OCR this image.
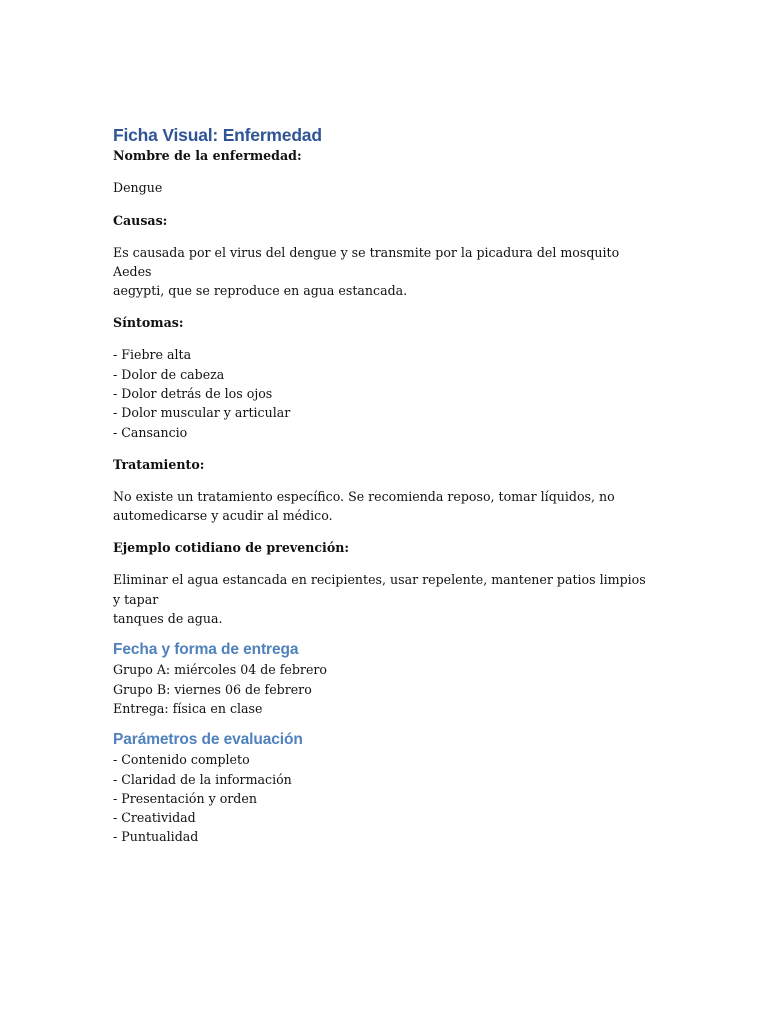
Ficha Visual: Enfermedad
Nombre de la enfermedad:
Dengue
Causas:
Es causada por el virus del dengue y se transmite por la picadura del mosquito Aedes
aegypti, que se reproduce en agua estancada.
Síntomas:
- Fiebre alta
- Dolor de cabeza
- Dolor detrás de los ojos
- Dolor muscular y articular
- Cansancio
Tratamiento:
No existe un tratamiento específico. Se recomienda reposo, tomar líquidos, no
automedicarse y acudir al médico.
Ejemplo cotidiano de prevención:
Eliminar el agua estancada en recipientes, usar repelente, mantener patios limpios y tapar
tanques de agua.
Fecha y forma de entrega
Grupo A: miércoles 04 de febrero
Grupo B: viernes 06 de febrero
Entrega: física en clase
Parámetros de evaluación
- Contenido completo
- Claridad de la información
- Presentación y orden
- Creatividad
- Puntualidad
